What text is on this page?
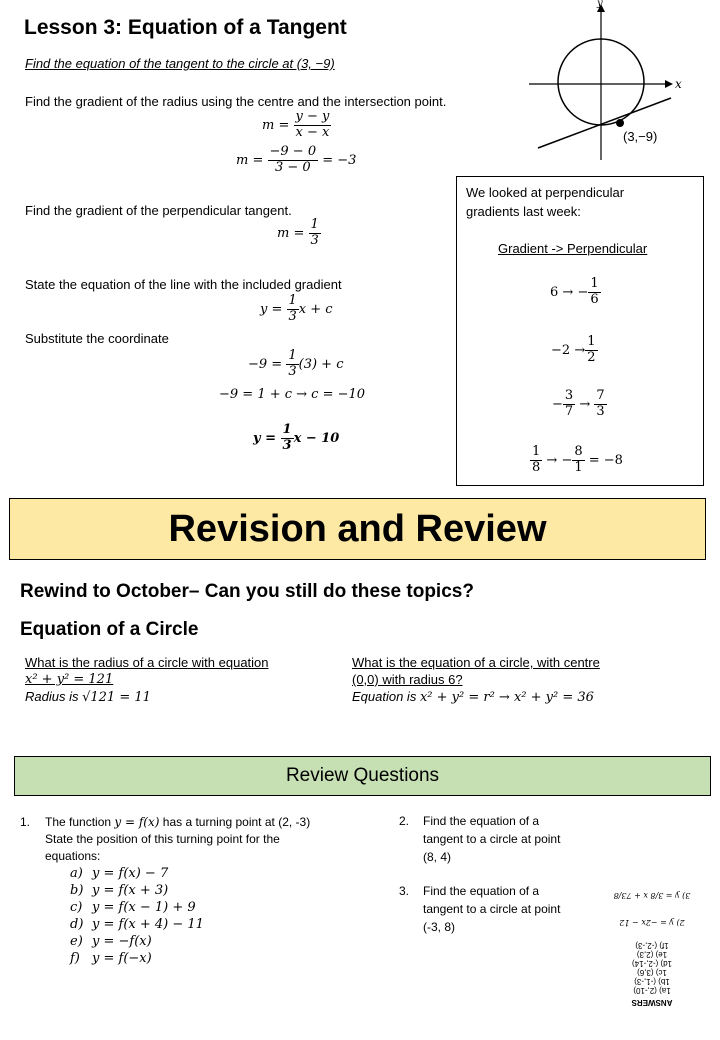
Lesson 3: Equation of a Tangent
Find the equation of the tangent to the circle at (3, −9)
Find the gradient of the radius using the centre and the intersection point.
$m = \frac{y - y}{x - x}$
$m = \frac{-9 - 0}{3 - 0} = -3$
Find the gradient of the perpendicular tangent.
$m = \frac{1}{3}$
State the equation of the line with the included gradient
$y = \frac{1}{3}$ x + c
Substitute the coordinate
$-9 = \frac{1}{3} (3) + c$
−9 = 1 + c → c = −10
$y = \frac{1}{3}$ x − 10
x
y
(3,−9)
We looked at perpendicular gradients last week:
Gradient -> Perpendicular
6 → − $\frac{1}{6}$
$-2 \to \frac{1}{2}$
− $\frac{3}{7} \to \frac{7}{3}$
$\frac{1}{8}$ → − $\frac{8}{1} = -8$
Revision and Review
Rewind to October– Can you still do these topics?
Equation of a Circle
What is the radius of a circle with equation
x² + y² = 121
Radius is √121 = 11
What is the equation of a circle, with centre
(0,0) with radius 6?
Equation is x² + y² = r² → x² + y² = 36
Review Questions
1. The function y = f(x) has a turning point at (2, -3)
State the position of this turning point for the equations:
a) y = f(x) − 7
b) y = f(x + 3)
c) y = f(x − 1) + 9
d) y = f(x + 4) − 11
e) y = −f(x)
f) y = f(−x)
2. Find the equation of a tangent to a circle at point (8, 4)
3. Find the equation of a tangent to a circle at point (-3, 8)
ANSWERS
1a) (2,-10)
1b) (-1,-3)
1c) (3,6)
1d) (-2,-14)
1e) (2,3)
1f) (-2,-3)
2) y = −2x − 12
3) y = 3/8 x + 73/8
